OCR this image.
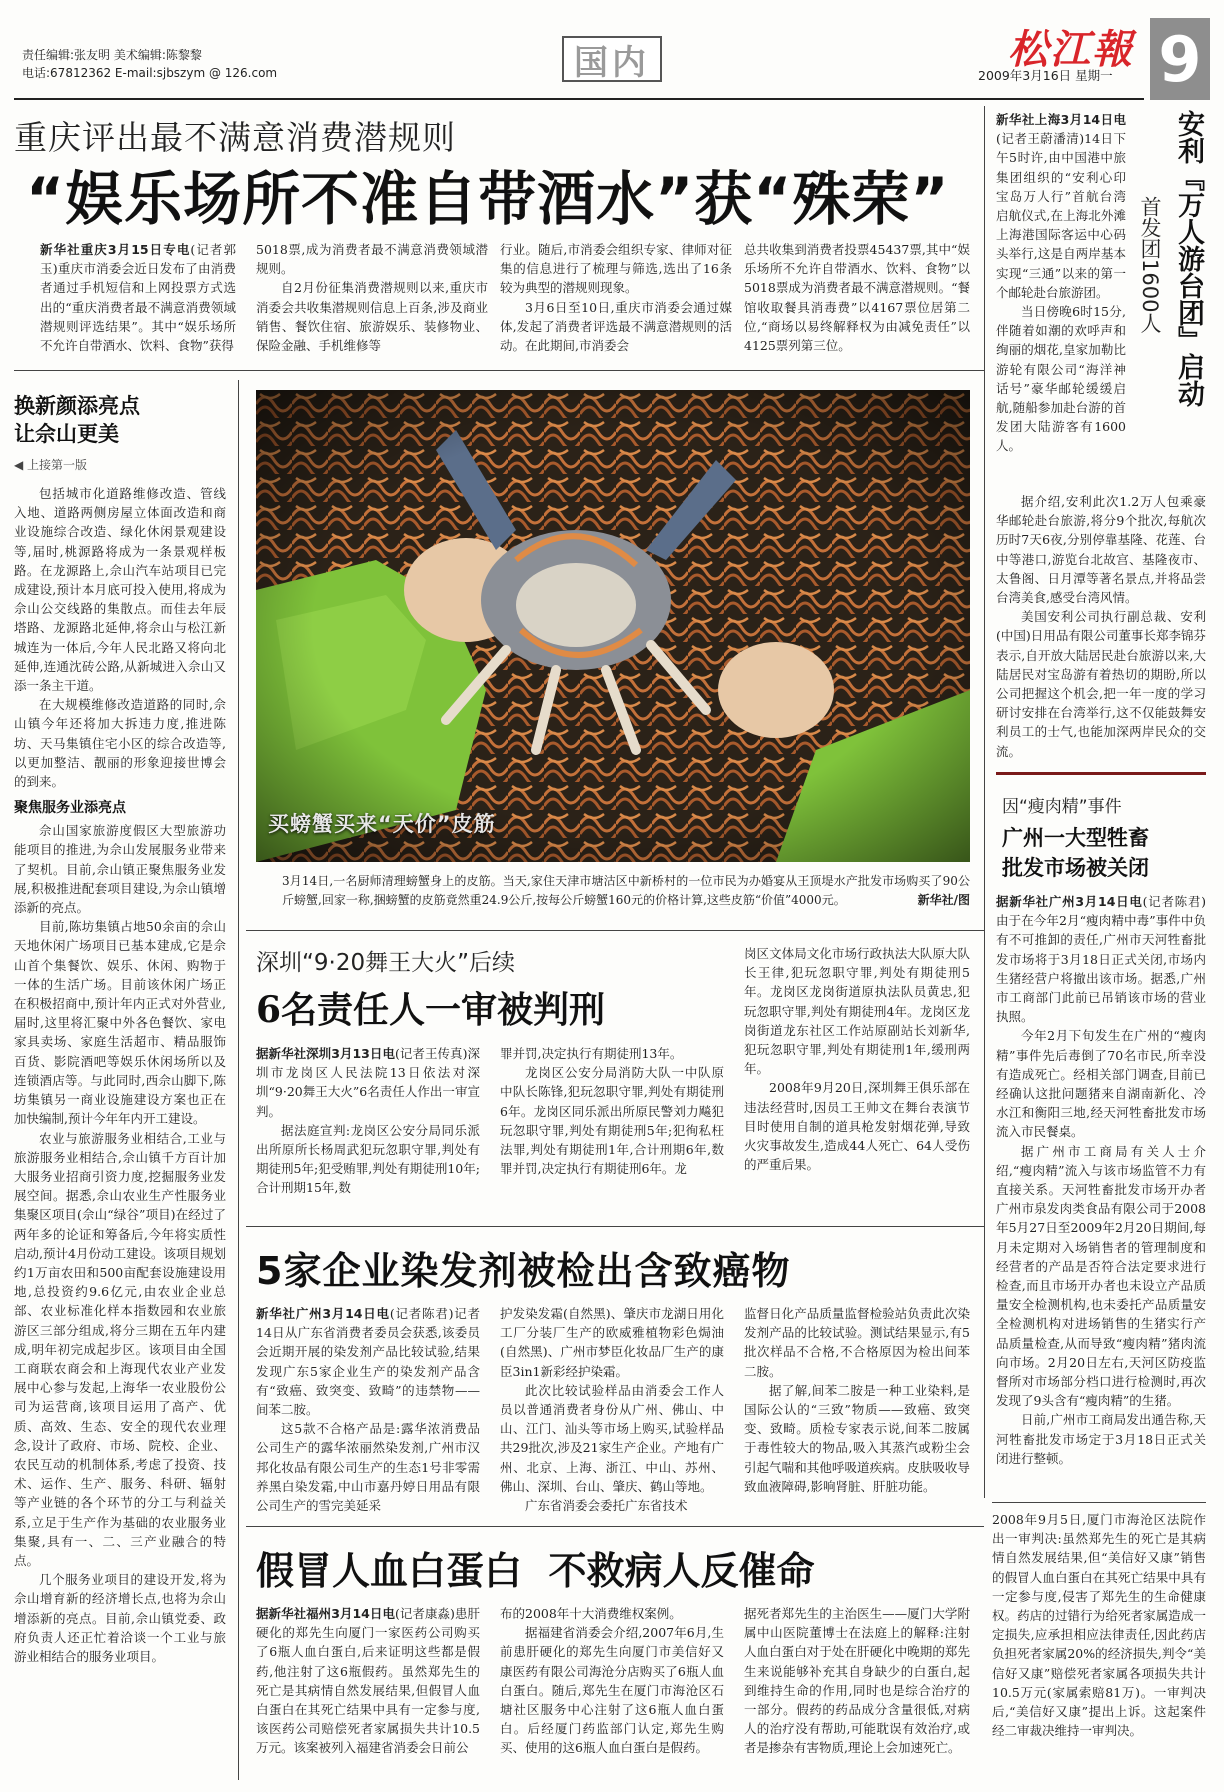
责任编辑:张友明 美术编辑:陈黎黎
电话:67812362 E-mail:sjbszym @ 126.com	国内	松江報 9
2009年3月16日 星期一
重庆评出最不满意消费潜规则
“娱乐场所不准自带酒水”获“殊荣”

新华社重庆3月15日专电(记者郭玉)重庆市消委会近日发布了由消费者通过手机短信和上网投票方式选出的“重庆消费者最不满意消费领域潜规则评选结果”。其中“娱乐场所不允许自带酒水、饮料、食物”获得

5018票,成为消费者最不满意消费领域潜规则。

自2月份征集消费潜规则以来,重庆市消委会共收集潜规则信息上百条,涉及商业销售、餐饮住宿、旅游娱乐、装修物业、保险金融、手机维修等

行业。随后,市消委会组织专家、律师对征集的信息进行了梳理与筛选,选出了16条较为典型的潜规则现象。

3月6日至10日,重庆市消委会通过媒体,发起了消费者评选最不满意潜规则的活动。在此期间,市消委会

总共收集到消费者投票45437票,其中“娱乐场所不允许自带酒水、饮料、食物”以5018票成为消费者最不满意潜规则。“餐馆收取餐具消毒费”以4167票位居第二位,“商场以易终解释权为由减免责任”以4125票列第三位。

换新颜添亮点
让佘山更美
◀ 上接第一版

包括城市化道路维修改造、管线入地、道路两侧房屋立体面改造和商业设施综合改造、绿化休闲景观建设等,届时,桃源路将成为一条景观样板路。在龙源路上,佘山汽车站项目已完成建设,预计本月底可投入使用,将成为佘山公交线路的集散点。而佳去年辰塔路、龙源路北延伸,将佘山与松江新城连为一体后,今年人民北路又将向北延伸,连通沈砖公路,从新城进入佘山又添一条主干道。

在大规模维修改造道路的同时,佘山镇今年还将加大拆违力度,推进陈坊、天马集镇住宅小区的综合改造等,以更加整洁、靓丽的形象迎接世博会的到来。

聚焦服务业添亮点

佘山国家旅游度假区大型旅游功能项目的推进,为佘山发展服务业带来了契机。目前,佘山镇正聚焦服务业发展,积极推进配套项目建设,为佘山镇增添新的亮点。

目前,陈坊集镇占地50余亩的佘山天地休闲广场项目已基本建成,它是佘山首个集餐饮、娱乐、休闲、购物于一体的生活广场。目前该休闲广场正在积极招商中,预计年内正式对外营业,届时,这里将汇聚中外各色餐饮、家电家具卖场、家庭生活超市、精品服饰百货、影院酒吧等娱乐休闲场所以及连锁酒店等。与此同时,西佘山脚下,陈坊集镇另一商业设施建设方案也正在加快编制,预计今年年内开工建设。

农业与旅游服务业相结合,工业与旅游服务业相结合,佘山镇千方百计加大服务业招商引资力度,挖掘服务业发展空间。据悉,佘山农业生产性服务业集聚区项目(佘山“绿谷”项目)在经过了两年多的论证和筹备后,今年将实质性启动,预计4月份动工建设。该项目规划约1万亩农田和500亩配套设施建设用地,总投资约9.6亿元,由农业企业总部、农业标准化样本指数园和农业旅游区三部分组成,将分三期在五年内建成,明年初完成起步区。该项目由全国工商联农商会和上海现代农业产业发展中心参与发起,上海华一农业股份公司为运营商,该项目运用了高产、优质、高效、生态、安全的现代农业理念,设计了政府、市场、院校、企业、农民互动的机制体系,考虑了投资、技术、运作、生产、服务、科研、辐射等产业链的各个环节的分工与利益关系,立足于生产作为基础的农业服务业集聚,具有一、二、三产业融合的特点。

几个服务业项目的建设开发,将为佘山增育新的经济增长点,也将为佘山增添新的亮点。目前,佘山镇党委、政府负责人还正忙着洽谈一个工业与旅游业相结合的服务业项目。

买螃蟹买来“天价”皮筋
3月14日,一名厨师清理螃蟹身上的皮筋。当天,家住天津市塘沽区中新桥村的一位市民为办婚宴从王顶堤水产批发市场购买了90公斤螃蟹,回家一称,捆螃蟹的皮筋竟然重24.9公斤,按每公斤螃蟹160元的价格计算,这些皮筋“价值”4000元。	新华社/图
深圳“9·20舞王大火”后续
6名责任人一审被判刑

据新华社深圳3月13日电(记者王传真)深圳市龙岗区人民法院13日依法对深圳“9·20舞王大火”6名责任人作出一审宣判。

据法庭宣判:龙岗区公安分局同乐派出所原所长杨周武犯玩忽职守罪,判处有期徒刑5年;犯受贿罪,判处有期徒刑10年;合计刑期15年,数

罪并罚,决定执行有期徒刑13年。

龙岗区公安分局消防大队一中队原中队长陈锋,犯玩忽职守罪,判处有期徒刑6年。龙岗区同乐派出所原民警刘力飚犯玩忽职守罪,判处有期徒刑5年;犯徇私枉法罪,判处有期徒刑1年,合计刑期6年,数罪并罚,决定执行有期徒刑6年。龙

岗区文体局文化市场行政执法大队原大队长王律,犯玩忽职守罪,判处有期徒刑5年。龙岗区龙岗街道原执法队员黄忠,犯玩忽职守罪,判处有期徒刑4年。龙岗区龙岗街道龙东社区工作站原副站长刘新华,犯玩忽职守罪,判处有期徒刑1年,缓刑两年。

2008年9月20日,深圳舞王俱乐部在违法经营时,因员工王帅文在舞台表演节目时使用自制的道具枪发射烟花弹,导致火灾事故发生,造成44人死亡、64人受伤的严重后果。

5家企业染发剂被检出含致癌物

新华社广州3月14日电(记者陈君)记者14日从广东省消费者委员会获悉,该委员会近期开展的染发剂产品比较试验,结果发现广东5家企业生产的染发剂产品含有“致癌、致突变、致畸”的违禁物——间苯二胺。

这5款不合格产品是:露华浓消费品公司生产的露华浓丽然染发剂,广州市汉邦化妆品有限公司生产的生态1号非零需养黑白染发霜,中山市嘉丹婷日用品有限公司生产的雪完美延采

护发染发霜(自然黑)、肇庆市龙湖日用化工厂分装厂生产的欧威雅植物彩色焗油(自然黑)、广州市梦臣化妆品厂生产的康臣3in1新彩经护染霜。

此次比较试验样品由消委会工作人员以普通消费者身份从广州、佛山、中山、江门、汕头等市场上购买,试验样品共29批次,涉及21家生产企业。产地有广州、北京、上海、浙江、中山、苏州、佛山、深圳、台山、肇庆、鹤山等地。

广东省消委会委托广东省技术

监督日化产品质量监督检验站负责此次染发剂产品的比较试验。测试结果显示,有5批次样品不合格,不合格原因为检出间苯二胺。

据了解,间苯二胺是一种工业染料,是国际公认的“三致”物质——致癌、致突变、致畸。质检专家表示说,间苯二胺属于毒性较大的物品,吸入其蒸汽或粉尘会引起气喘和其他呼吸道疾病。皮肤吸收导致血液障碍,影响肾脏、肝脏功能。

假冒人血白蛋白  不救病人反催命

据新华社福州3月14日电(记者康淼)患肝硬化的郑先生向厦门一家医药公司购买了6瓶人血白蛋白,后来证明这些都是假药,他注射了这6瓶假药。虽然郑先生的死亡是其病情自然发展结果,但假冒人血白蛋白在其死亡结果中具有一定参与度,该医药公司赔偿死者家属损失共计10.5万元。该案被列入福建省消委会日前公

布的2008年十大消费维权案例。

据福建省消委会介绍,2007年6月,生前患肝硬化的郑先生向厦门市美信好又康医药有限公司海沧分店购买了6瓶人血白蛋白。随后,郑先生在厦门市海沧区石塘社区服务中心注射了这6瓶人血白蛋白。后经厦门药监部门认定,郑先生购买、使用的这6瓶人血白蛋白是假药。

据死者郑先生的主治医生——厦门大学附属中山医院董博士在法庭上的解释:注射人血白蛋白对于处在肝硬化中晚期的郑先生来说能够补充其自身缺少的白蛋白,起到维持生命的作用,同时也是综合治疗的一部分。假药的药品成分含量很低,对病人的治疗没有帮助,可能耽误有效治疗,或者是掺杂有害物质,理论上会加速死亡。

2008年9月5日,厦门市海沧区法院作出一审判决:虽然郑先生的死亡是其病情自然发展结果,但“美信好又康”销售的假冒人血白蛋白在其死亡结果中具有一定参与度,侵害了郑先生的生命健康权。药店的过错行为给死者家属造成一定损失,应承担相应法律责任,因此药店负担死者家属20%的经济损失,判令“美信好又康”赔偿死者家属各项损失共计10.5万元(家属索赔81万)。一审判决后,“美信好又康”提出上诉。这起案件经二审裁决维持一审判决。

安利『万人游台团』启动
首发团1600人

新华社上海3月14日电(记者王蔚潘清)14日下午5时许,由中国港中旅集团组织的“安利心印宝岛万人行”首航台湾启航仪式,在上海北外滩上海港国际客运中心码头举行,这是自两岸基本实现“三通”以来的第一个邮轮赴台旅游团。

当日傍晚6时15分,伴随着如潮的欢呼声和绚丽的烟花,皇家加勒比游轮有限公司“海洋神话号”豪华邮轮缓缓启航,随船参加赴台游的首发团大陆游客有1600人。

据介绍,安利此次1.2万人包乘豪华邮轮赴台旅游,将分9个批次,每航次历时7天6夜,分别停靠基隆、花莲、台中等港口,游览台北故宫、基隆夜市、太鲁阁、日月潭等著名景点,并将品尝台湾美食,感受台湾风情。

美国安利公司执行副总裁、安利(中国)日用品有限公司董事长郑李锦芬表示,自开放大陆居民赴台旅游以来,大陆居民对宝岛游有着热切的期盼,所以公司把握这个机会,把一年一度的学习研讨安排在台湾举行,这不仅能鼓舞安利员工的士气,也能加深两岸民众的交流。

因“瘦肉精”事件
广州一大型牲畜
批发市场被关闭

据新华社广州3月14日电(记者陈君)由于在今年2月“瘦肉精中毒”事件中负有不可推卸的责任,广州市天河牲畜批发市场将于3月18日正式关闭,市场内生猪经营户将撤出该市场。据悉,广州市工商部门此前已吊销该市场的营业执照。

今年2月下旬发生在广州的“瘦肉精”事件先后毒倒了70名市民,所幸没有造成死亡。经相关部门调查,目前已经确认这批问题猪来自湖南新化、冷水江和衡阳三地,经天河牲畜批发市场流入市民餐桌。

据广州市工商局有关人士介绍,“瘦肉精”流入与该市场监管不力有直接关系。天河牲畜批发市场开办者广州市泉发肉类食品有限公司于2008年5月27日至2009年2月20日期间,每月未定期对入场销售者的管理制度和经营者的产品是否符合法定要求进行检查,而且市场开办者也未设立产品质量安全检测机构,也未委托产品质量安全检测机构对进场销售的生猪实行产品质量检查,从而导致“瘦肉精”猪肉流向市场。2月20日左右,天河区防疫监督所对市场部分档口进行检测时,再次发现了9头含有“瘦肉精”的生猪。

日前,广州市工商局发出通告称,天河牲畜批发市场定于3月18日正式关闭进行整顿。
